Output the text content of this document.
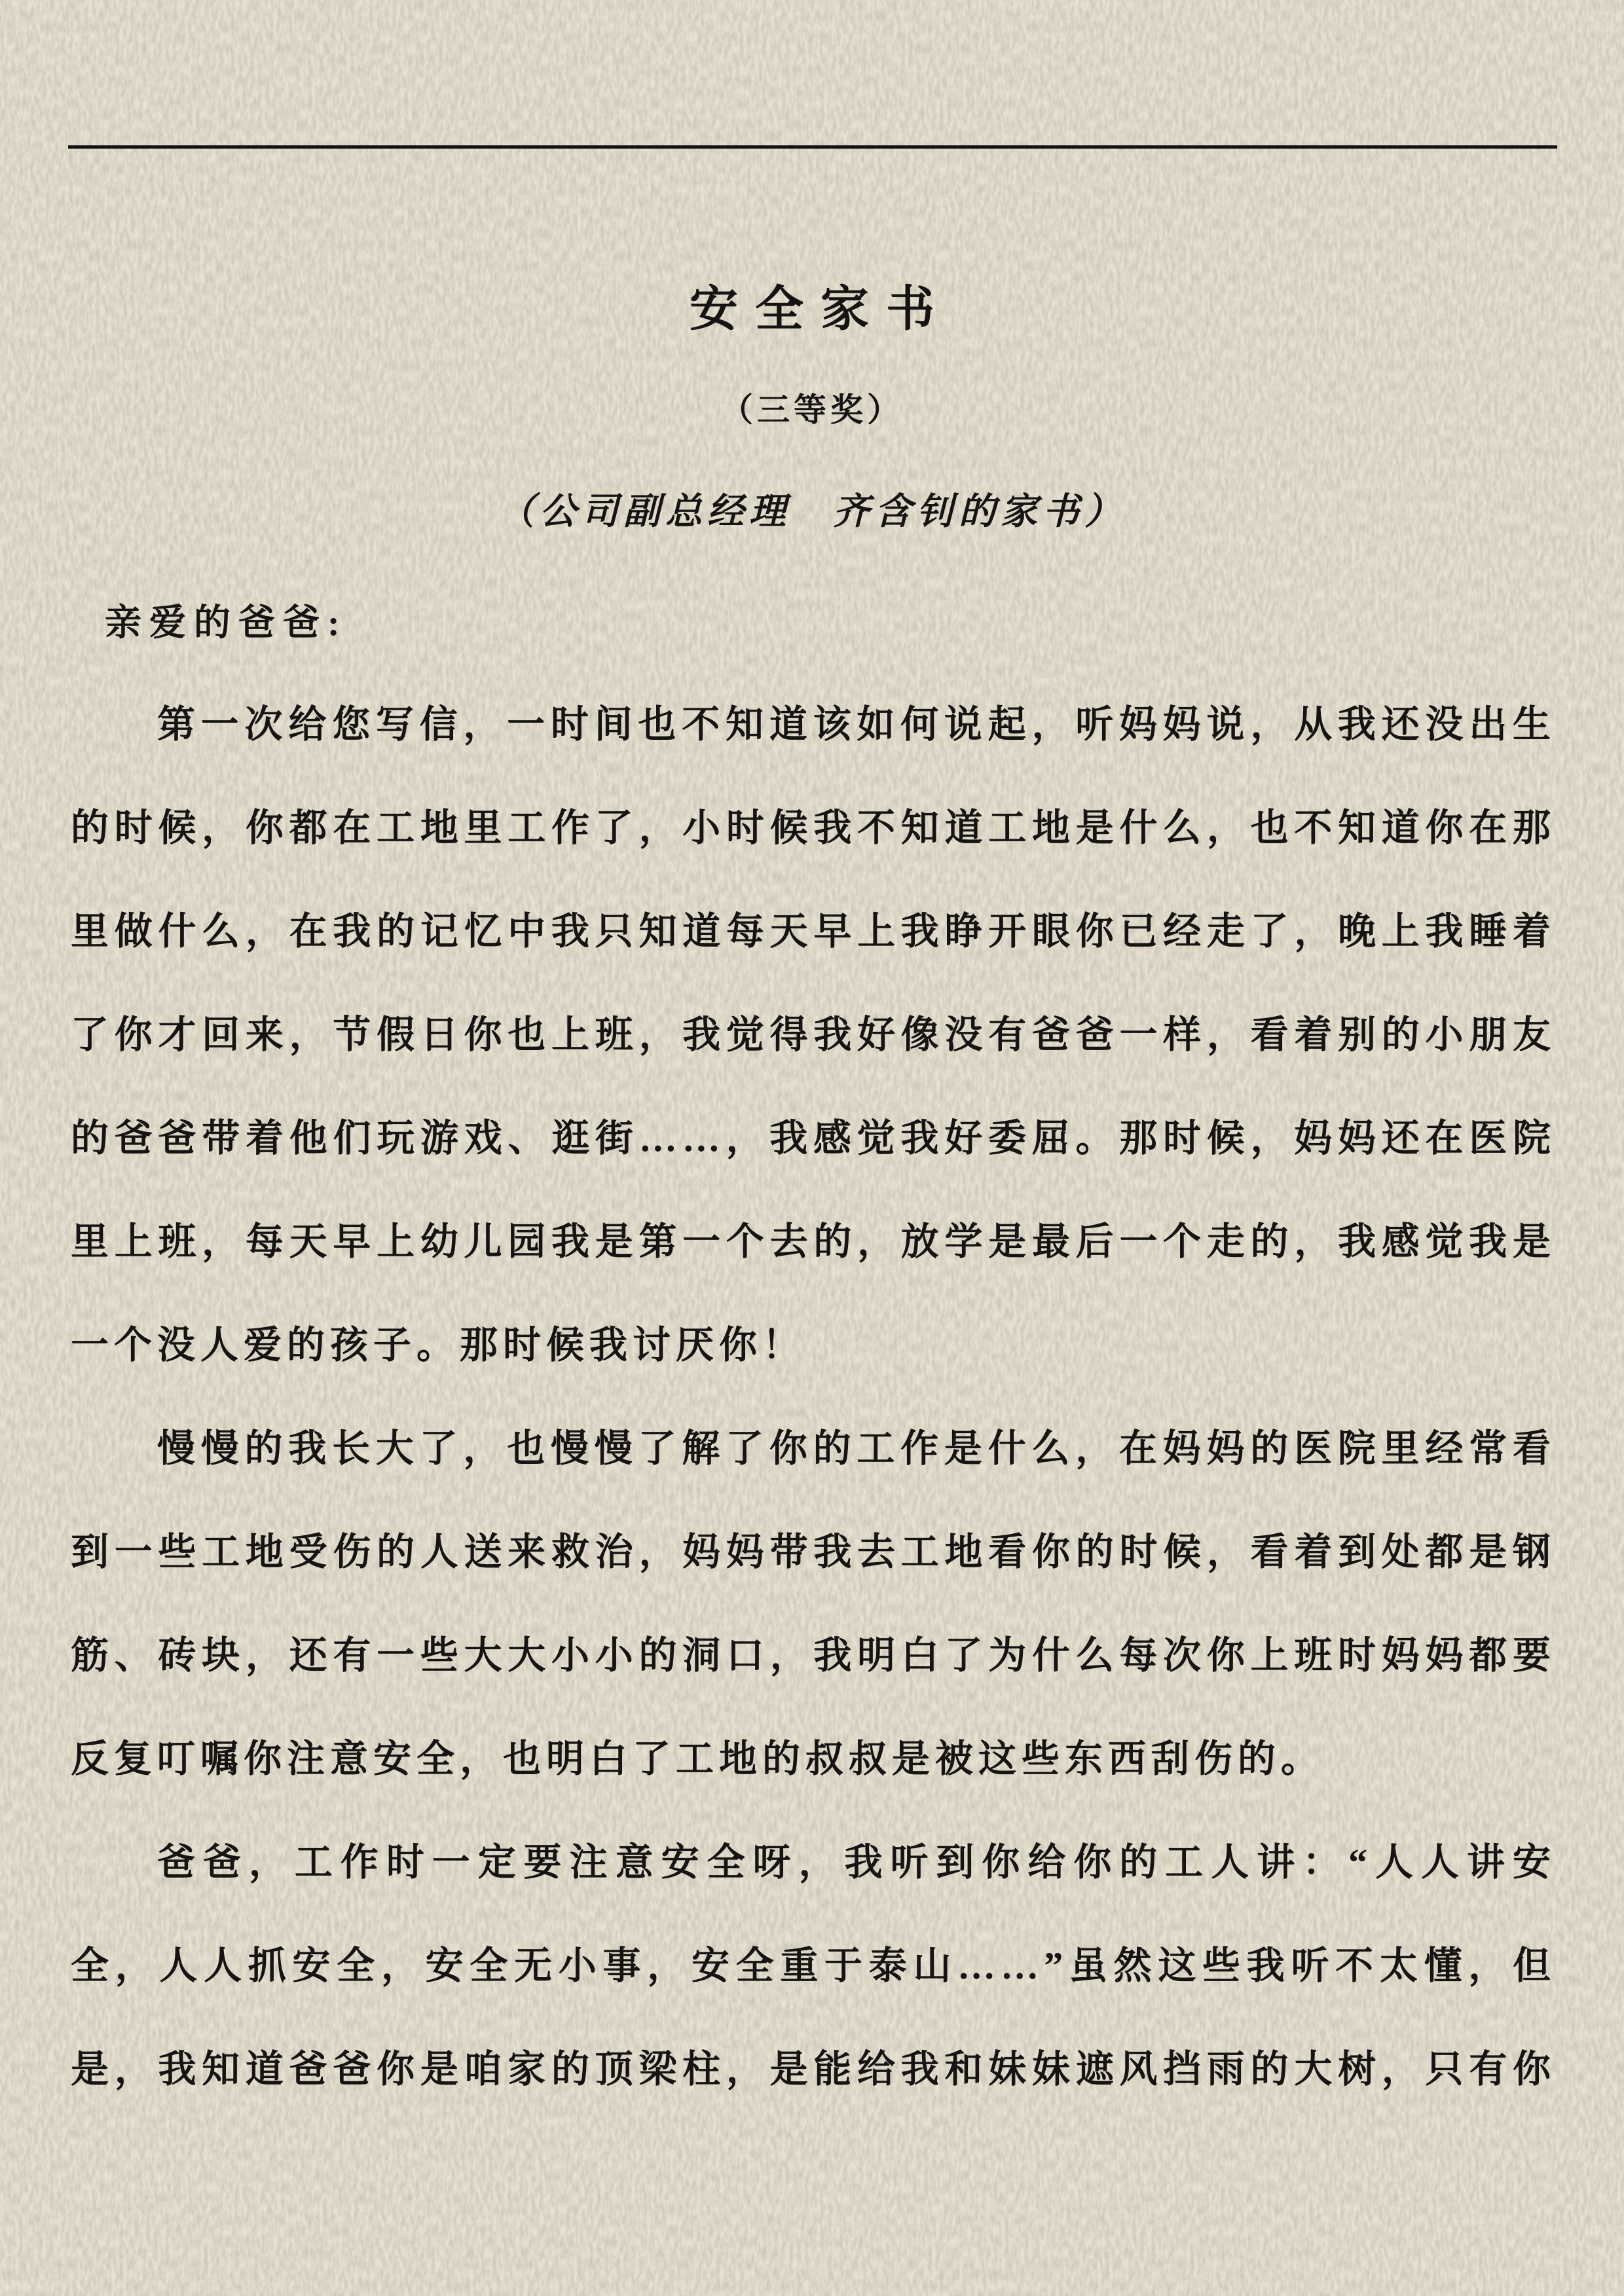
安全家书
（三等奖）
（公司副总经理　齐含钊的家书）
亲爱的爸爸:
第一次给您写信，一时间也不知道该如何说起，听妈妈说，从我还没出生
的时候，你都在工地里工作了，小时候我不知道工地是什么，也不知道你在那
里做什么，在我的记忆中我只知道每天早上我睁开眼你已经走了，晚上我睡着
了你才回来，节假日你也上班，我觉得我好像没有爸爸一样，看着别的小朋友
的爸爸带着他们玩游戏、逛街……，我感觉我好委屈。那时候，妈妈还在医院
里上班，每天早上幼儿园我是第一个去的，放学是最后一个走的，我感觉我是
一个没人爱的孩子。那时候我讨厌你！
慢慢的我长大了，也慢慢了解了你的工作是什么，在妈妈的医院里经常看
到一些工地受伤的人送来救治，妈妈带我去工地看你的时候，看着到处都是钢
筋、砖块，还有一些大大小小的洞口，我明白了为什么每次你上班时妈妈都要
反复叮嘱你注意安全，也明白了工地的叔叔是被这些东西刮伤的。
爸爸，工作时一定要注意安全呀，我听到你给你的工人讲：“人人讲安
全，人人抓安全，安全无小事，安全重于泰山……”虽然这些我听不太懂，但
是，我知道爸爸你是咱家的顶梁柱，是能给我和妹妹遮风挡雨的大树，只有你
